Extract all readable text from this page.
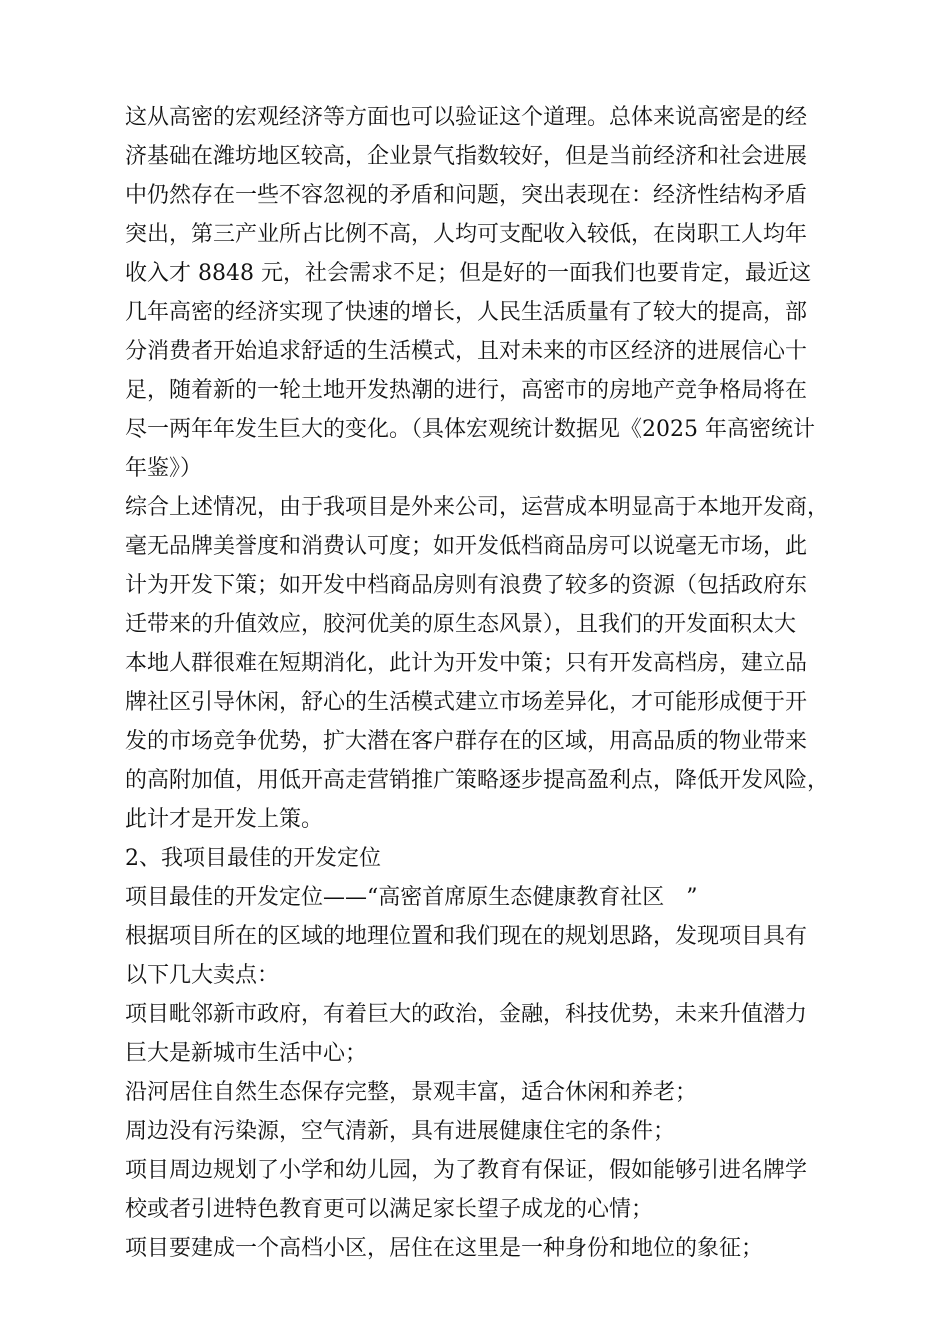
这从高密的宏观经济等方面也可以验证这个道理。总体来说高密是的经
济基础在潍坊地区较高，企业景气指数较好，但是当前经济和社会进展
中仍然存在一些不容忽视的矛盾和问题，突出表现在：经济性结构矛盾
突出，第三产业所占比例不高，人均可支配收入较低，在岗职工人均年
收入才 8848 元，社会需求不足；但是好的一面我们也要肯定，最近这
几年高密的经济实现了快速的增长，人民生活质量有了较大的提高，部
分消费者开始追求舒适的生活模式，且对未来的市区经济的进展信心十
足，随着新的一轮土地开发热潮的进行，高密市的房地产竞争格局将在
尽一两年年发生巨大的变化。（具体宏观统计数据见《2025 年高密统计
年鉴》）
综合上述情况，由于我项目是外来公司，运营成本明显高于本地开发商，
毫无品牌美誉度和消费认可度；如开发低档商品房可以说毫无市场，此
计为开发下策；如开发中档商品房则有浪费了较多的资源（包括政府东
迁带来的升值效应，胶河优美的原生态风景），且我们的开发面积太大
本地人群很难在短期消化，此计为开发中策；只有开发高档房，建立品
牌社区引导休闲，舒心的生活模式建立市场差异化，才可能形成便于开
发的市场竞争优势，扩大潜在客户群存在的区域，用高品质的物业带来
的高附加值，用低开高走营销推广策略逐步提高盈利点，降低开发风险，
此计才是开发上策。
2、我项目最佳的开发定位
项目最佳的开发定位——“高密首席原生态健康教育社区　”
根据项目所在的区域的地理位置和我们现在的规划思路，发现项目具有
以下几大卖点：
项目毗邻新市政府，有着巨大的政治，金融，科技优势，未来升值潜力
巨大是新城市生活中心；
沿河居住自然生态保存完整，景观丰富，适合休闲和养老；
周边没有污染源，空气清新，具有进展健康住宅的条件；
项目周边规划了小学和幼儿园，为了教育有保证，假如能够引进名牌学
校或者引进特色教育更可以满足家长望子成龙的心情；
项目要建成一个高档小区，居住在这里是一种身份和地位的象征；
